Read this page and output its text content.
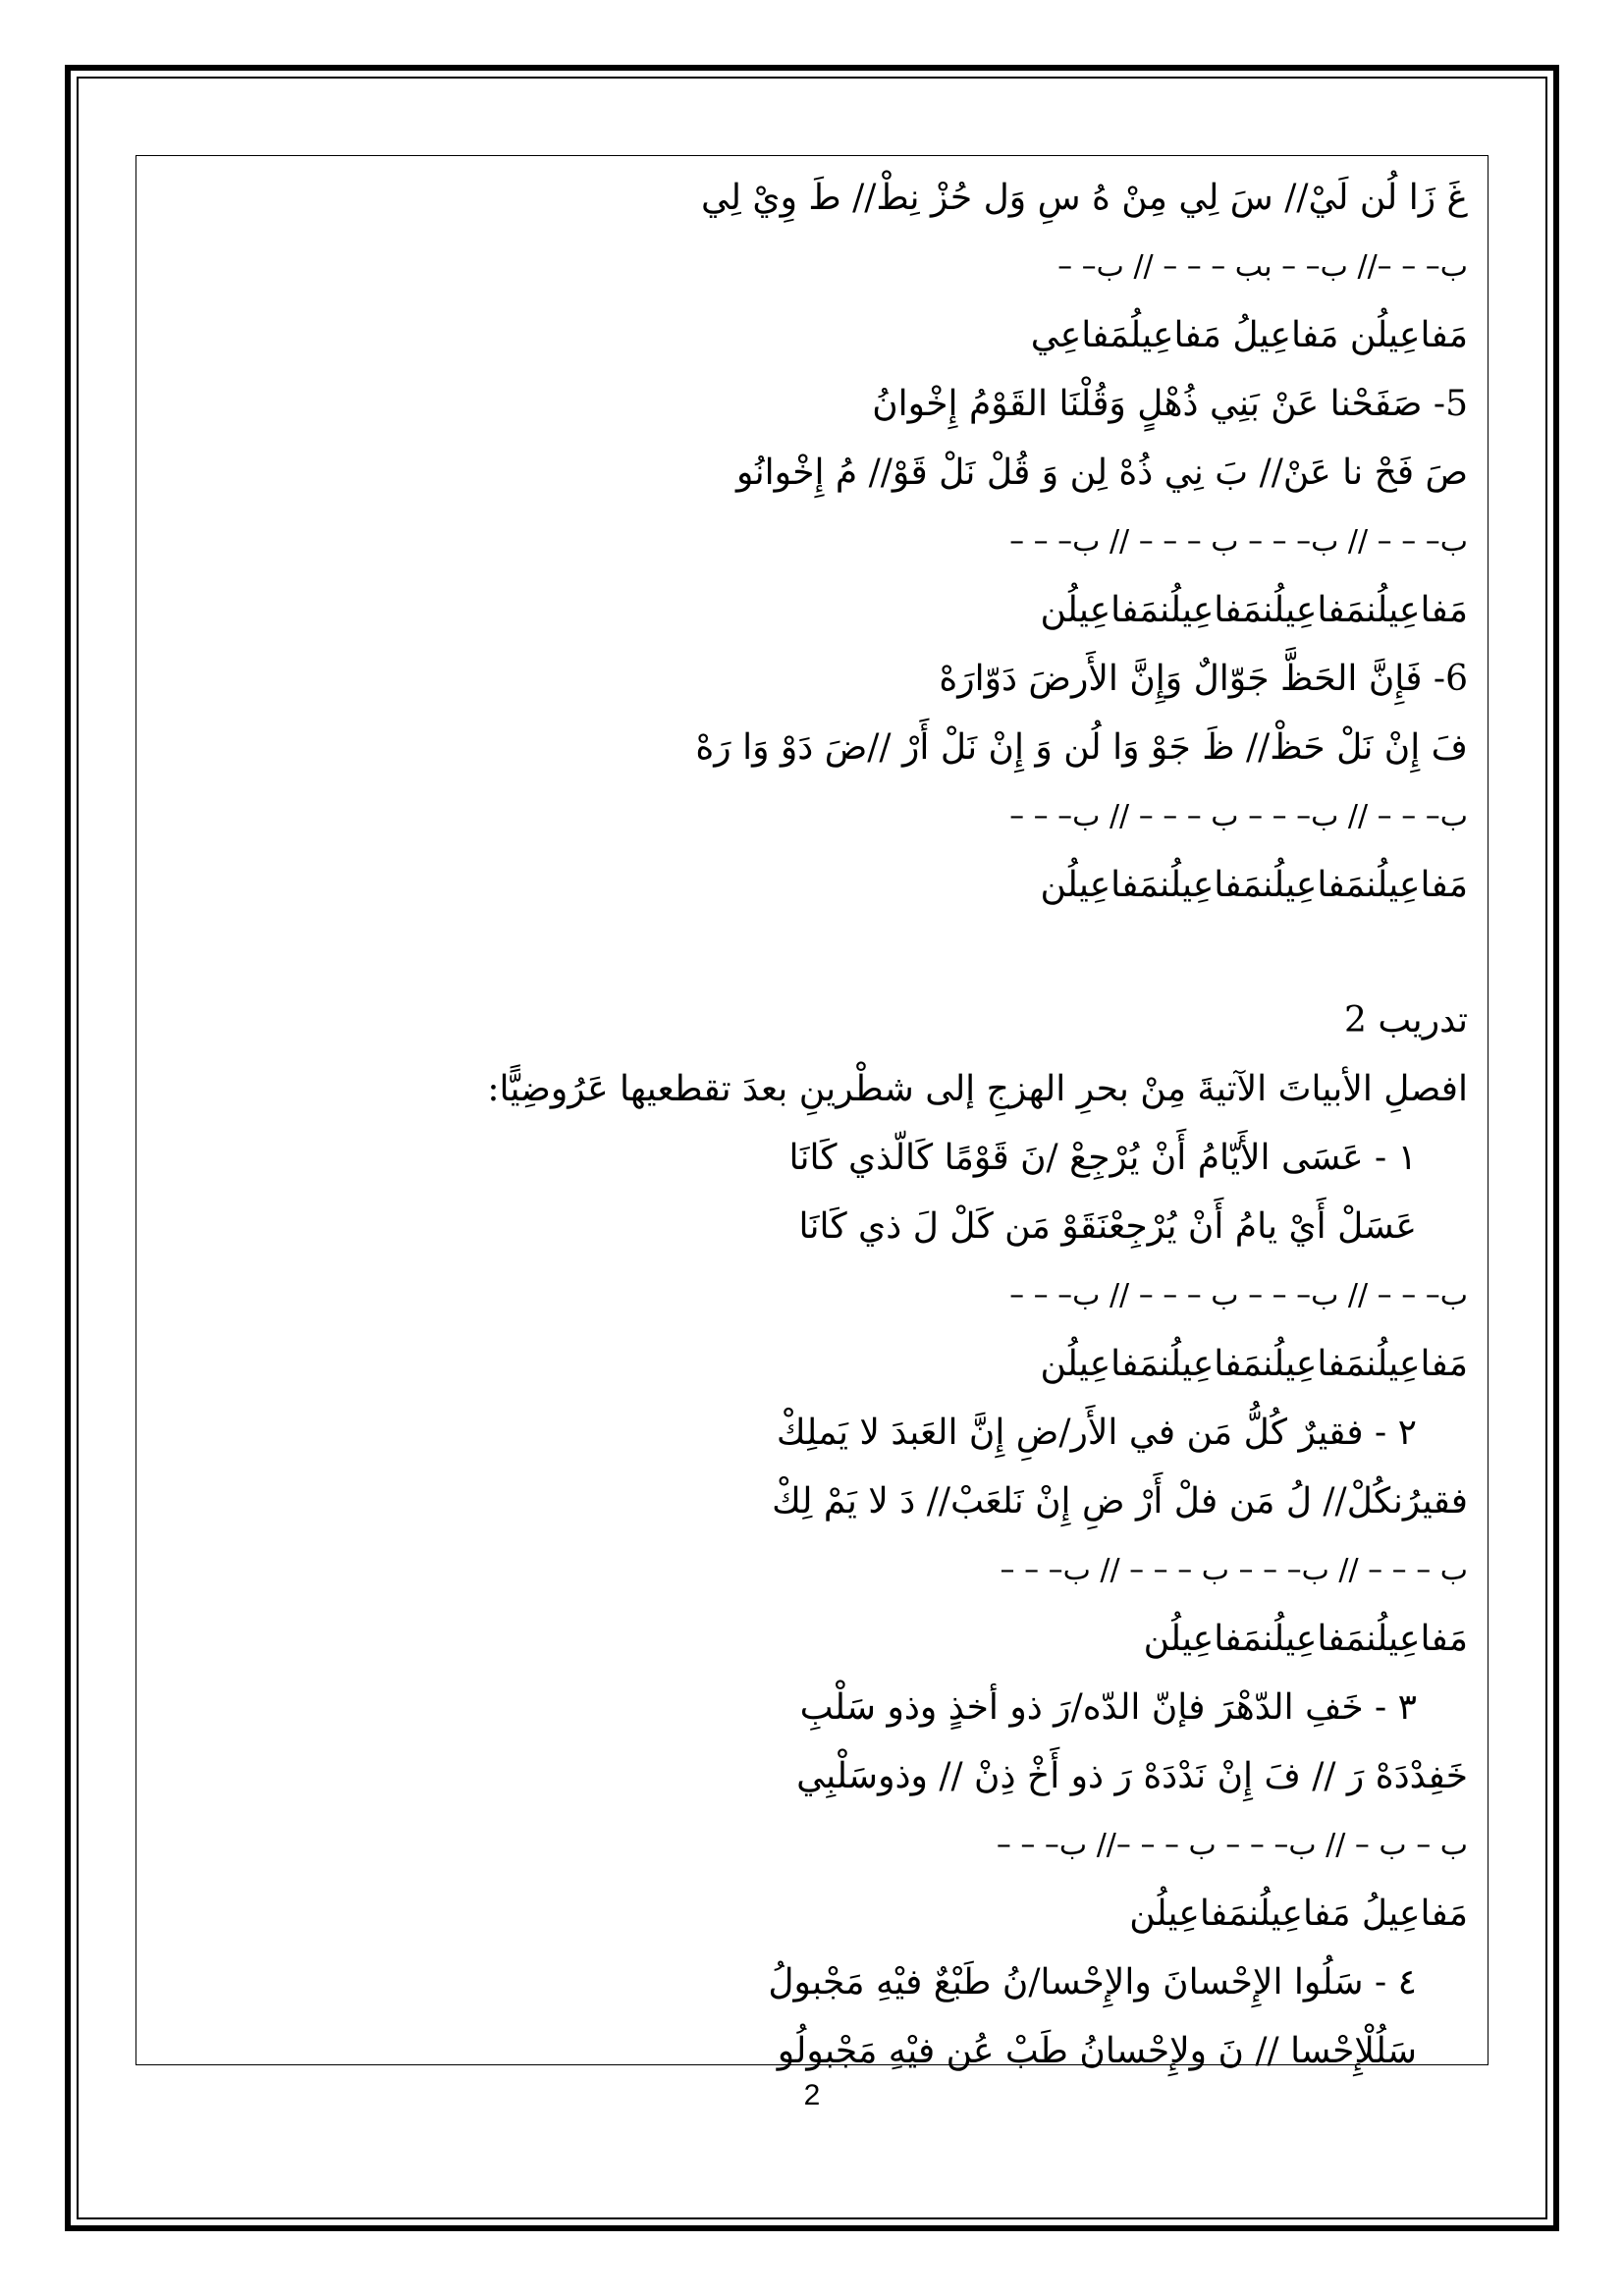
غَ زَا لُن لَيْ// سَ لِي مِنْ هُ سِ وَل حُزْ نِطْ// طَ وِيْ لِي
ب– – –// ب– – بب – – – // ب– –
مَفاعِيلُن مَفاعِيلُ مَفاعِيلُمَفاعِي
5- صَفَحْنا عَنْ بَنِي ذُهْلٍ وَقُلْنَا القَوْمُ إِخْوانُ
صَ فَحْ نا عَنْ// بَ نِي ذُهْ لِن وَ قُلْ نَلْ قَوْ// مُ إِخْوانُو
ب– – – // ب– – – ب – – – // ب– – –
مَفاعِيلُنمَفاعِيلُنمَفاعِيلُنمَفاعِيلُن
6- فَإِنَّ الحَظَّ جَوّالٌ وَإِنَّ الأَرضَ دَوّارَهْ
فَ إِنْ نَلْ حَظْ// ظَ جَوْ وَا لُن وَ إِنْ نَلْ أَرْ //ضَ دَوْ وَا رَهْ
ب– – – // ب– – – ب – – – // ب– – –
مَفاعِيلُنمَفاعِيلُنمَفاعِيلُنمَفاعِيلُن
تدريب 2
افصلِ الأبياتَ الآتيةَ مِنْ بحرِ الهزجِ إلى شطْرينِ بعدَ تقطعيها عَرُوضِيًّا:
١ - عَسَى الأَيّامُ أَنْ يُرْجِعْ /نَ قَوْمًا كَالّذي كَانَا
عَسَلْ أَيْ يامُ أَنْ يُرْجِعْنَقَوْ مَن كَلْ لَ ذي كَانَا
ب– – – // ب– – – ب – – – // ب– – –
مَفاعِيلُنمَفاعِيلُنمَفاعِيلُنمَفاعِيلُن
٢ - فقيرٌ كُلُّ مَن في الأَر/ضِ إِنَّ العَبدَ لا يَملِكْ
فقيرُنكُلْ// لُ مَن فلْ أَرْ ضِ إِنْ نَلعَبْ// دَ لا يَمْ لِكْ
ب – – – // ب– – – ب – – – // ب– – –
مَفاعِيلُنمَفاعِيلُنمَفاعِيلُن
٣ - خَفِ الدّهْرَ فإنّ الدّه/رَ ذو أخذٍ وذو سَلْبِ
خَفِدْدَهْ رَ // فَ إِنْ نَدْدَهْ رَ ذو أَخْ ذِنْ // وذوسَلْبِي
ب – ب – // ب– – – ب – – –// ب– – –
مَفاعِيلُ مَفاعِيلُنمَفاعِيلُن
٤ - سَلُوا الإِحْسانَ والإِحْسا/نُ طَبْعٌ فيْهِ مَجْبولُ
سَلُلْإِحْسا // نَ ولإِحْسانُ طَبْ عُن فيْهِ مَجْبولُو
2
